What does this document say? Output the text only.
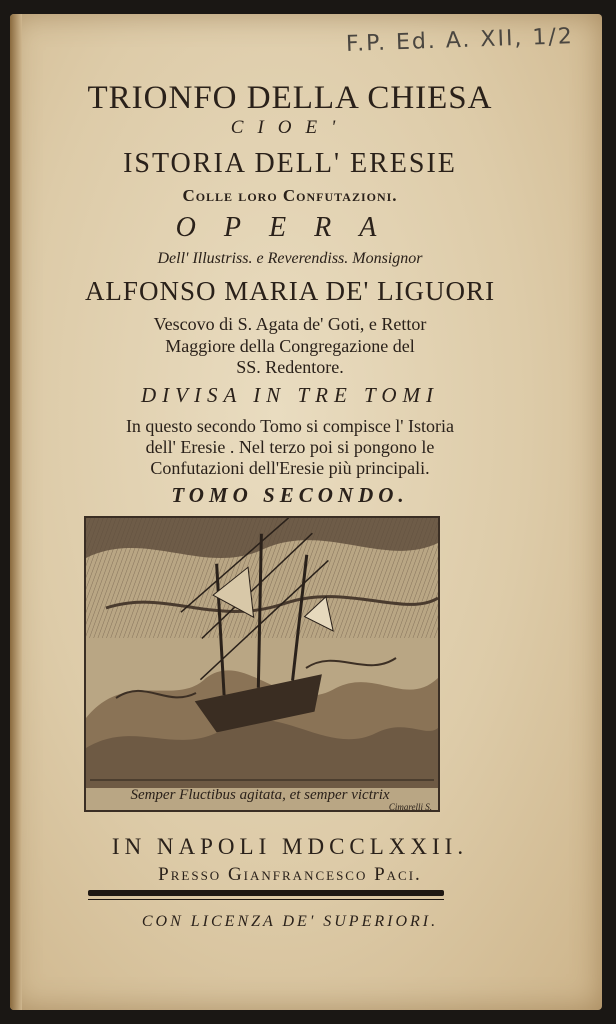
F.P. Ed. A. XII, 1/2
TRIONFO DELLA CHIESA
CIOE'
ISTORIA DELL' ERESIE
Colle loro Confutazioni.
OPERA
Dell' Illustriss. e Reverendiss. Monsignor
ALFONSO MARIA DE' LIGUORI
Vescovo di S. Agata de' Goti, e Rettor
Maggiore della Congregazione del
SS. Redentore.
DIVISA IN TRE TOMI
In questo secondo Tomo si compisce l' Istoria
dell' Eresie . Nel terzo poi si pongono le
Confutazioni dell'Eresie più principali.
TOMO SECONDO.
Semper Fluctibus agitata, et semper victrix
Cimarelli S.
IN NAPOLI MDCCLXXII.
Presso Gianfrancesco Paci.
CON LICENZA DE' SUPERIORI.
